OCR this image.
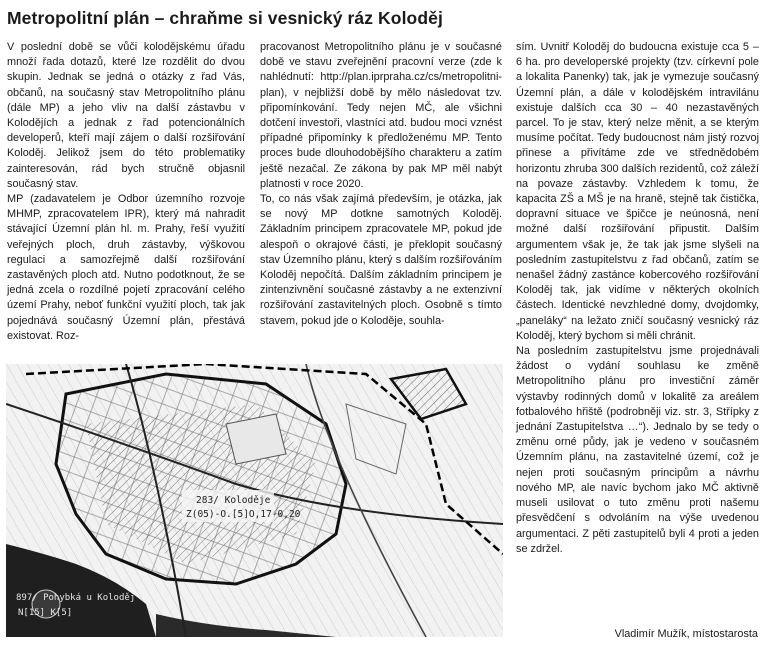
Metropolitní plán – chraňme si vesnický ráz Koloděj

V poslední době se vůči kolodějskému úřadu množí řada dotazů, které lze rozdělit do dvou skupin. Jednak se jedná o otázky z řad Vás, občanů, na současný stav Metropolitního plánu (dále MP) a jeho vliv na další zástavbu v Kolodějích a jednak z řad potencionálních developerů, kteří mají zájem o další rozšiřování Koloděj. Jelikož jsem do této problematiky zainteresován, rád bych stručně objasnil současný stav.

MP (zadavatelem je Odbor územního rozvoje MHMP, zpracovatelem IPR), který má nahradit stávající Územní plán hl. m. Prahy, řeší využití veřejných ploch, druh zástavby, výškovou regulaci a samozřejmě další rozšiřování zastavěných ploch atd. Nutno podotknout, že se jedná zcela o rozdílné pojetí zpracování celého území Prahy, neboť funkční využití ploch, tak jak pojednává současný Územní plán, přestává existovat. Roz-

pracovanost Metropolitního plánu je v současné době ve stavu zveřejnění pracovní verze (zde k nahlédnutí: http://plan.iprpraha.cz/cs/metropolitni-plan), v nejbližší době by mělo následovat tzv. připomínkování. Tedy nejen MČ, ale všichni dotčení investoři, vlastníci atd. budou moci vznést případné připomínky k předloženému MP. Tento proces bude dlouhodobějšího charakteru a zatím ještě nezačal. Ze zákona by pak MP měl nabýt platnosti v roce 2020.

To, co nás však zajímá především, je otázka, jak se nový MP dotkne samotných Koloděj. Základním principem zpracovatele MP, pokud jde alespoň o okrajové části, je překlopit současný stav Územního plánu, který s dalším rozšiřováním Koloděj nepočítá. Dalším základním principem je zintenzivnění současné zástavby a ne extenzivní rozšiřování zastavitelných ploch. Osobně s tímto stavem, pokud jde o Koloděje, souhla-

sím. Uvnitř Koloděj do budoucna existuje cca 5 – 6 ha. pro developerské projekty (tzv. církevní pole a lokalita Panenky) tak, jak je vymezuje současný Územní plán, a dále v kolodějském intravilánu existuje dalších cca 30 – 40 nezastavěných parcel. To je stav, který nelze měnit, a se kterým musíme počítat. Tedy budoucnost nám jistý rozvoj přinese a přivítáme zde ve střednědobém horizontu zhruba 300 dalších rezidentů, což záleží na povaze zástavby. Vzhledem k tomu, že kapacita ZŠ a MŠ je na hraně, stejně tak čistička, dopravní situace ve špičce je neúnosná, není možné další rozšiřování připustit. Dalším argumentem však je, že tak jak jsme slyšeli na posledním zastupitelstvu z řad občanů, zatím se nenašel žádný zastánce kobercového rozšiřování Koloděj tak, jak vidíme v některých okolních částech. Identické nevzhledné domy, dvojdomky, „paneláky“ na ležato zničí současný vesnický ráz Koloděj, který bychom si měli chránit.

Na posledním zastupitelstvu jsme projednávali žádost o vydání souhlasu ke změně Metropolitního plánu pro investiční záměr výstavby rodinných domů v lokalitě za areálem fotbalového hřiště (podrobněji viz. str. 3, Střípky z jednání Zastupitelstva …“). Jednalo by se tedy o změnu orné půdy, jak je vedeno v současném Územním plánu, na zastavitelné území, což je nejen proti současným principům a návrhu nového MP, ale navíc bychom jako MČ aktivně museli usilovat o tuto změnu proti našemu přesvědčení s odvoláním na výše uvedenou argumentaci. Z pěti zastupitelů byli 4 proti a jeden se zdržel.

283/ Koloděje
Z(05)-O.[5]O,17-0,20
897/ Pohybká u Koloděj
N[15] K[5]
Vladimír Mužík, místostarosta
